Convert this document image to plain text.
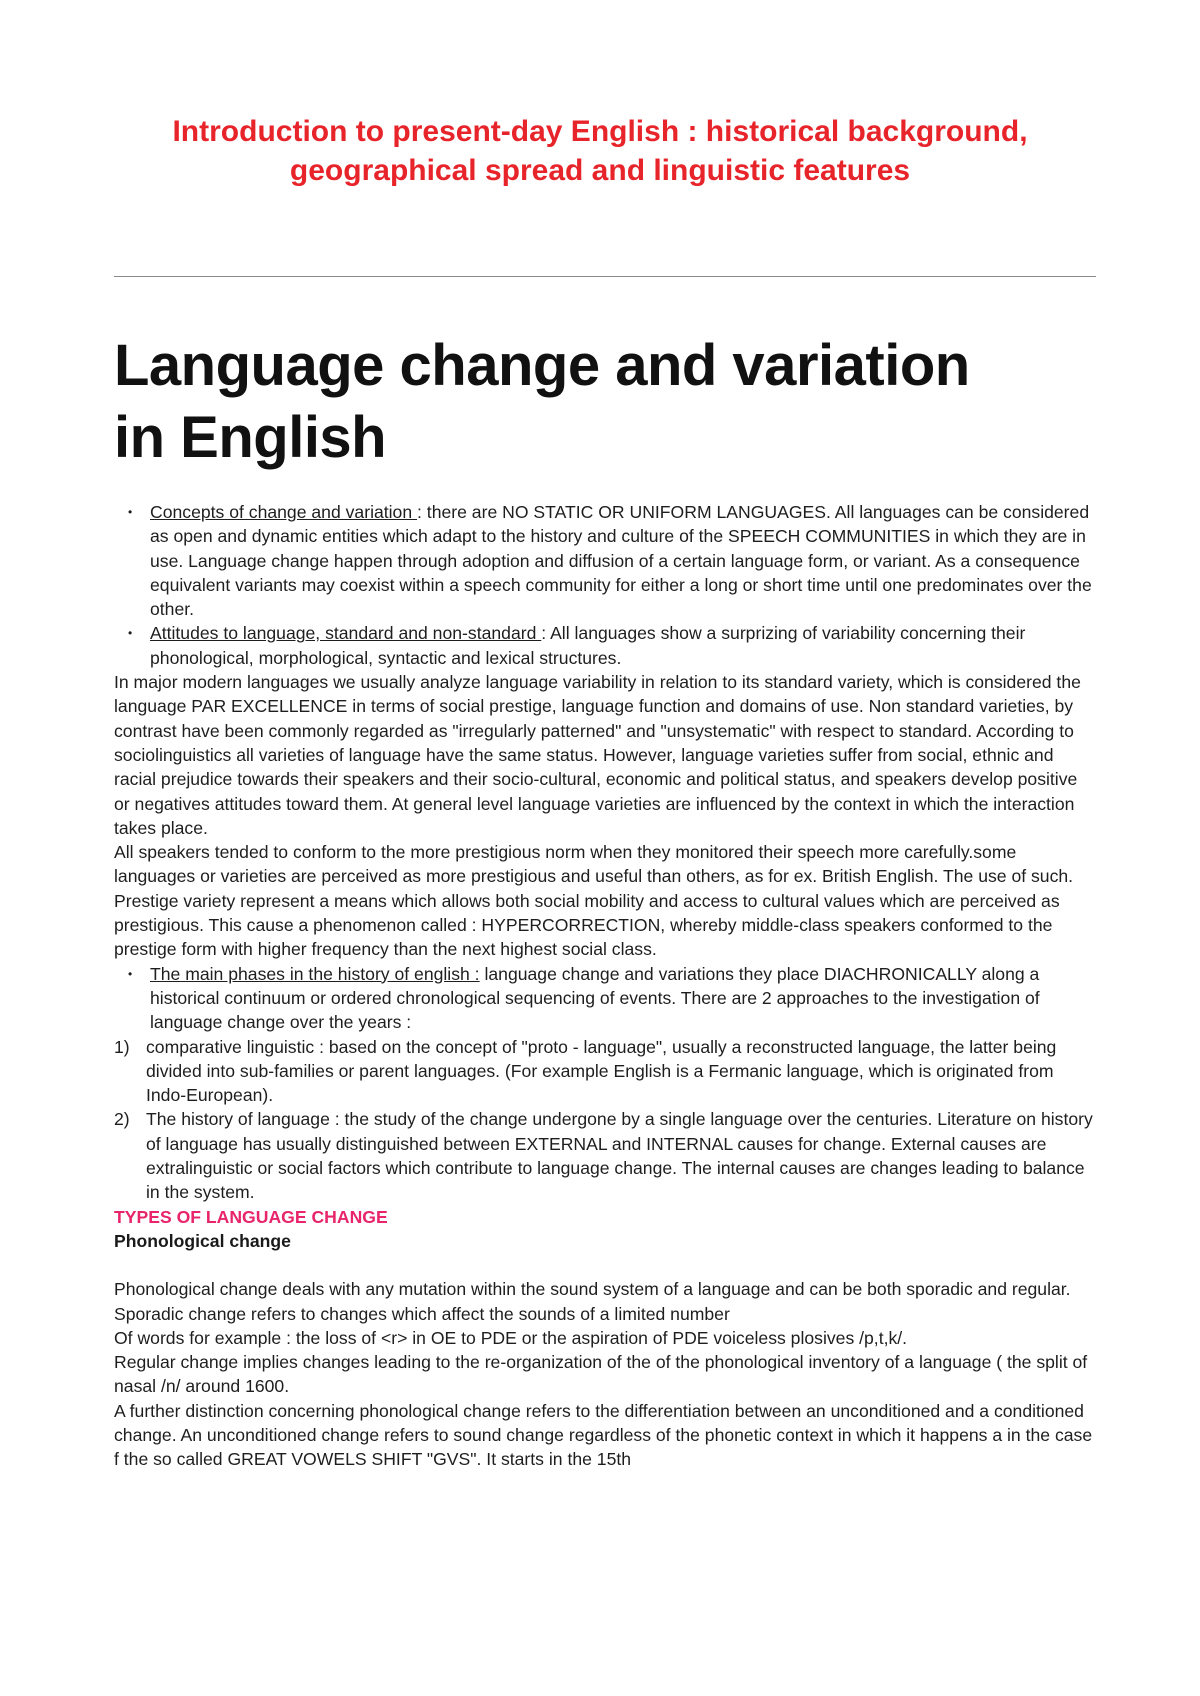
Introduction to present-day English : historical background,
geographical spread and linguistic features
Language change and variation
in English
• Concepts of change and variation : there are NO STATIC OR UNIFORM LANGUAGES. All languages can be considered as open and dynamic entities which adapt to the history and culture of the SPEECH COMMUNITIES in which they are in use. Language change happen through adoption and diffusion of a certain language form, or variant. As a consequence equivalent variants may coexist within a speech community for either a long or short time until one predominates over the other.
• Attitudes to language, standard and non-standard : All languages show a surprizing of variability concerning their phonological, morphological, syntactic and lexical structures.

In major modern languages we usually analyze language variability in relation to its standard variety, which is considered the language PAR EXCELLENCE in terms of social prestige, language function and domains of use. Non standard varieties, by contrast have been commonly regarded as "irregularly patterned" and "unsystematic" with respect to standard. According to sociolinguistics all varieties of language have the same status. However, language varieties suffer from social, ethnic and racial prejudice towards their speakers and their socio-cultural, economic and political status, and speakers develop positive or negatives attitudes toward them. At general level language varieties are influenced by the context in which the interaction takes place.

All speakers tended to conform to the more prestigious norm when they monitored their speech more carefully.some languages or varieties are perceived as more prestigious and useful than others, as for ex. British English. The use of such. Prestige variety represent a means which allows both social mobility and access to cultural values which are perceived as prestigious. This cause a phenomenon called : HYPERCORRECTION, whereby middle-class speakers conformed to the prestige form with higher frequency than the next highest social class.

• The main phases in the history of english : language change and variations they place DIACHRONICALLY along a historical continuum or ordered chronological sequencing of events. There are 2 approaches to the investigation of language change over the years :
1) comparative linguistic : based on the concept of "proto - language", usually a reconstructed language, the latter being divided into sub-families or parent languages. (For example English is a Fermanic language, which is originated from Indo-European).
2) The history of language : the study of the change undergone by a single language over the centuries. Literature on history of language has usually distinguished between EXTERNAL and INTERNAL causes for change. External causes are extralinguistic or social factors which contribute to language change. The internal causes are changes leading to balance in the system.

TYPES OF LANGUAGE CHANGE

Phonological change

Phonological change deals with any mutation within the sound system of a language and can be both sporadic and regular. Sporadic change refers to changes which affect the sounds of a limited number

Of words for example : the loss of <r> in OE to PDE or the aspiration of PDE voiceless plosives /p,t,k/.

Regular change implies changes leading to the re-organization of the of the phonological inventory of a language ( the split of nasal /n/ around 1600.

A further distinction concerning phonological change refers to the differentiation between an unconditioned and a conditioned change. An unconditioned change refers to sound change regardless of the phonetic context in which it happens a in the case f the so called GREAT VOWELS SHIFT "GVS". It starts in the 15th
